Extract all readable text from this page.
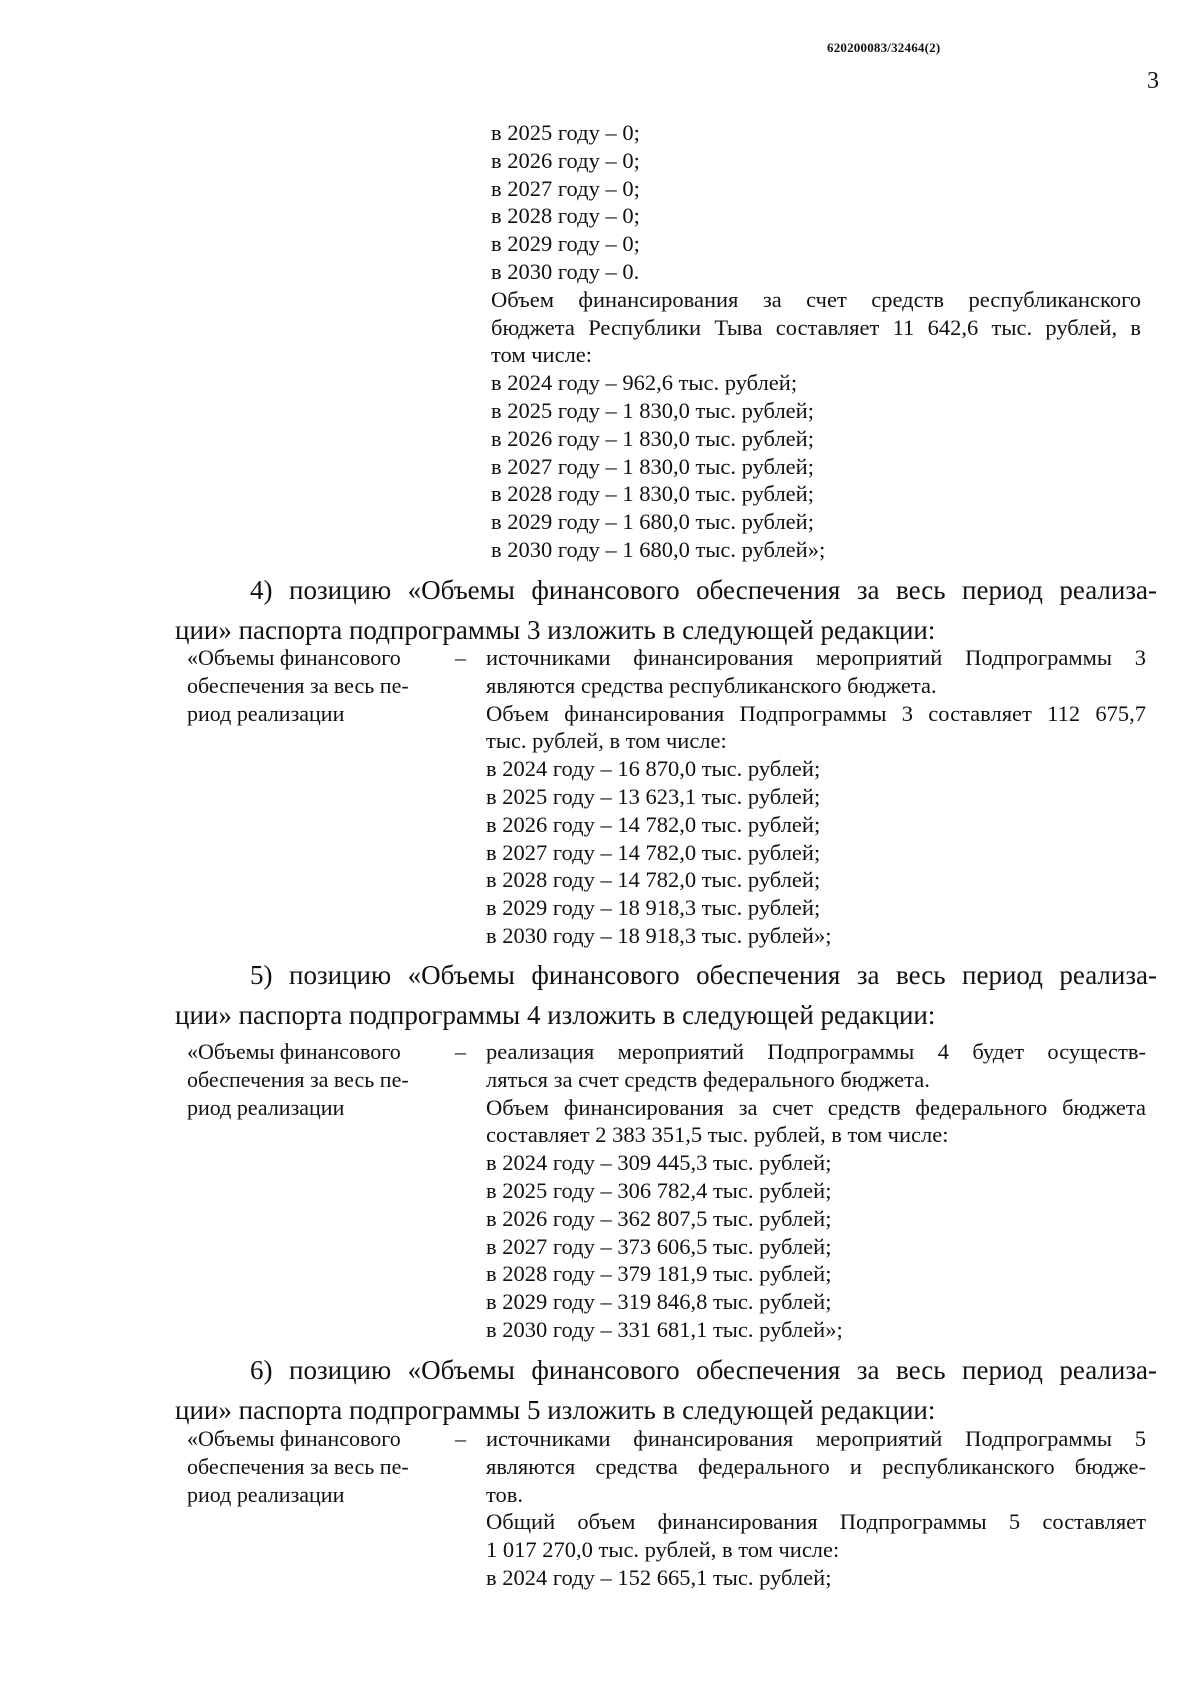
620200083/32464(2)
3
в 2025 году – 0;
в 2026 году – 0;
в 2027 году – 0;
в 2028 году – 0;
в 2029 году – 0;
в 2030 году – 0.
Объем финансирования за счет средств республиканского
бюджета Республики Тыва составляет 11 642,6 тыс. рублей, в
том числе:
в 2024 году – 962,6 тыс. рублей;
в 2025 году – 1 830,0 тыс. рублей;
в 2026 году – 1 830,0 тыс. рублей;
в 2027 году – 1 830,0 тыс. рублей;
в 2028 году – 1 830,0 тыс. рублей;
в 2029 году – 1 680,0 тыс. рублей;
в 2030 году – 1 680,0 тыс. рублей»;
4) позицию «Объемы финансового обеспечения за весь период реализа-
ции» паспорта подпрограммы 3 изложить в следующей редакции:
«Объемы финансового
обеспечения за весь пе-
риод реализации
– источниками финансирования мероприятий Подпрограммы 3
являются средства республиканского бюджета.
Объем финансирования Подпрограммы 3 составляет 112 675,7
тыс. рублей, в том числе:
в 2024 году – 16 870,0 тыс. рублей;
в 2025 году – 13 623,1 тыс. рублей;
в 2026 году – 14 782,0 тыс. рублей;
в 2027 году – 14 782,0 тыс. рублей;
в 2028 году – 14 782,0 тыс. рублей;
в 2029 году – 18 918,3 тыс. рублей;
в 2030 году – 18 918,3 тыс. рублей»;
5) позицию «Объемы финансового обеспечения за весь период реализа-
ции» паспорта подпрограммы 4 изложить в следующей редакции:
«Объемы финансового
обеспечения за весь пе-
риод реализации
– реализация мероприятий Подпрограммы 4 будет осуществ-
ляться за счет средств федерального бюджета.
Объем финансирования за счет средств федерального бюджета
составляет 2 383 351,5 тыс. рублей, в том числе:
в 2024 году – 309 445,3 тыс. рублей;
в 2025 году – 306 782,4 тыс. рублей;
в 2026 году – 362 807,5 тыс. рублей;
в 2027 году – 373 606,5 тыс. рублей;
в 2028 году – 379 181,9 тыс. рублей;
в 2029 году – 319 846,8 тыс. рублей;
в 2030 году – 331 681,1 тыс. рублей»;
6) позицию «Объемы финансового обеспечения за весь период реализа-
ции» паспорта подпрограммы 5 изложить в следующей редакции:
«Объемы финансового
обеспечения за весь пе-
риод реализации
– источниками финансирования мероприятий Подпрограммы 5
являются средства федерального и республиканского бюдже-
тов.
Общий объем финансирования Подпрограммы 5 составляет
1 017 270,0 тыс. рублей, в том числе:
в 2024 году – 152 665,1 тыс. рублей;
